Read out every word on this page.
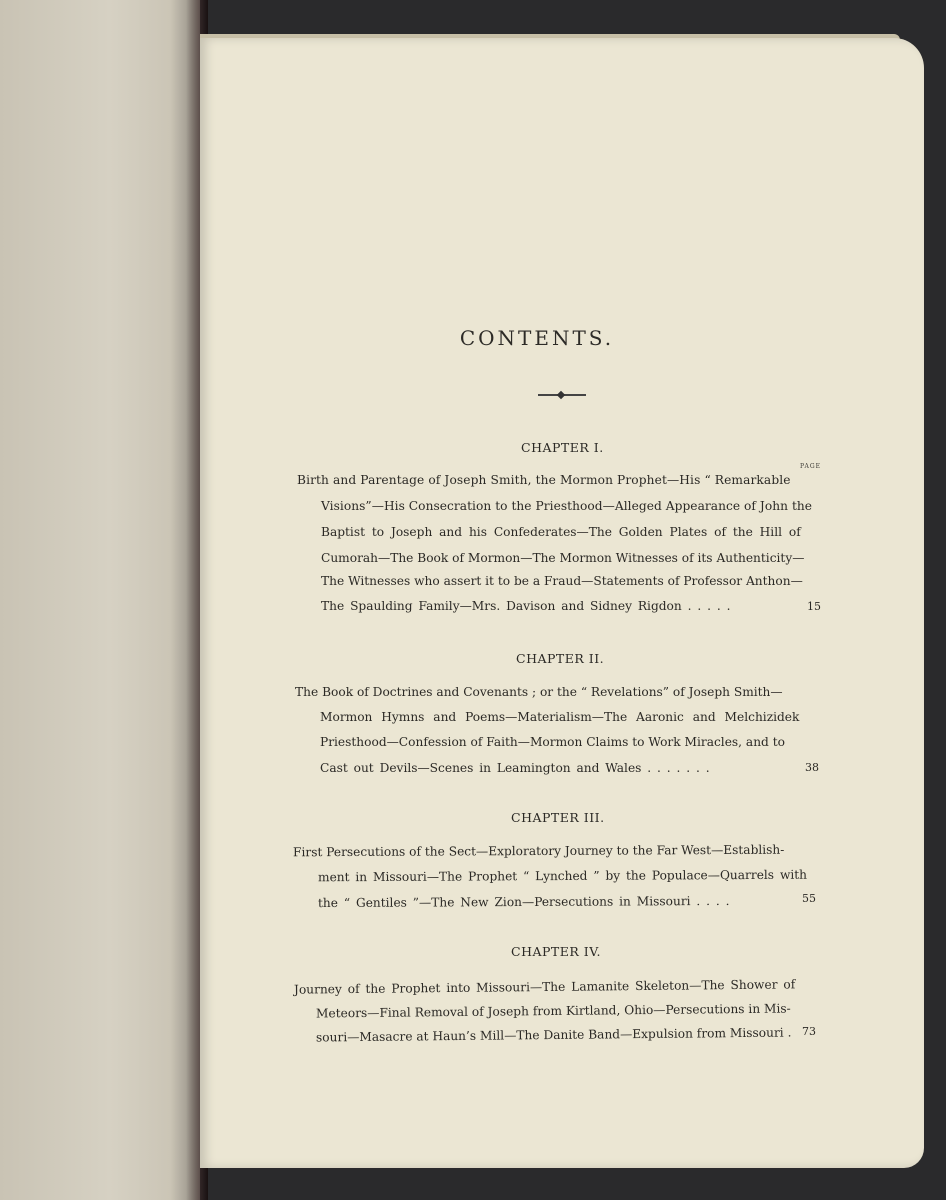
CONTENTS.
CHAPTER I.
PAGE
Birth and Parentage of Joseph Smith, the Mormon Prophet—His “ Remarkable
Visions”—His Consecration to the Priesthood—Alleged Appearance of John the
Baptist to Joseph and his Confederates—The Golden Plates of the Hill of
Cumorah—The Book of Mormon—The Mormon Witnesses of its Authenticity—
The Witnesses who assert it to be a Fraud—Statements of Professor Anthon—
The Spaulding Family—Mrs. Davison and Sidney Rigdon . . . . .	15
CHAPTER II.
The Book of Doctrines and Covenants ; or the “ Revelations” of Joseph Smith—
Mormon Hymns and Poems—Materialism—The Aaronic and Melchizidek
Priesthood—Confession of Faith—Mormon Claims to Work Miracles, and to
Cast out Devils—Scenes in Leamington and Wales . . . . . . .	38
CHAPTER III.
First Persecutions of the Sect—Exploratory Journey to the Far West—Establish-
ment in Missouri—The Prophet “ Lynched ” by the Populace—Quarrels with
the “ Gentiles ”—The New Zion—Persecutions in Missouri . . . .	55
CHAPTER IV.
Journey of the Prophet into Missouri—The Lamanite Skeleton—The Shower of
Meteors—Final Removal of Joseph from Kirtland, Ohio—Persecutions in Mis-
souri—Masacre at Haun’s Mill—The Danite Band—Expulsion from Missouri . 73
